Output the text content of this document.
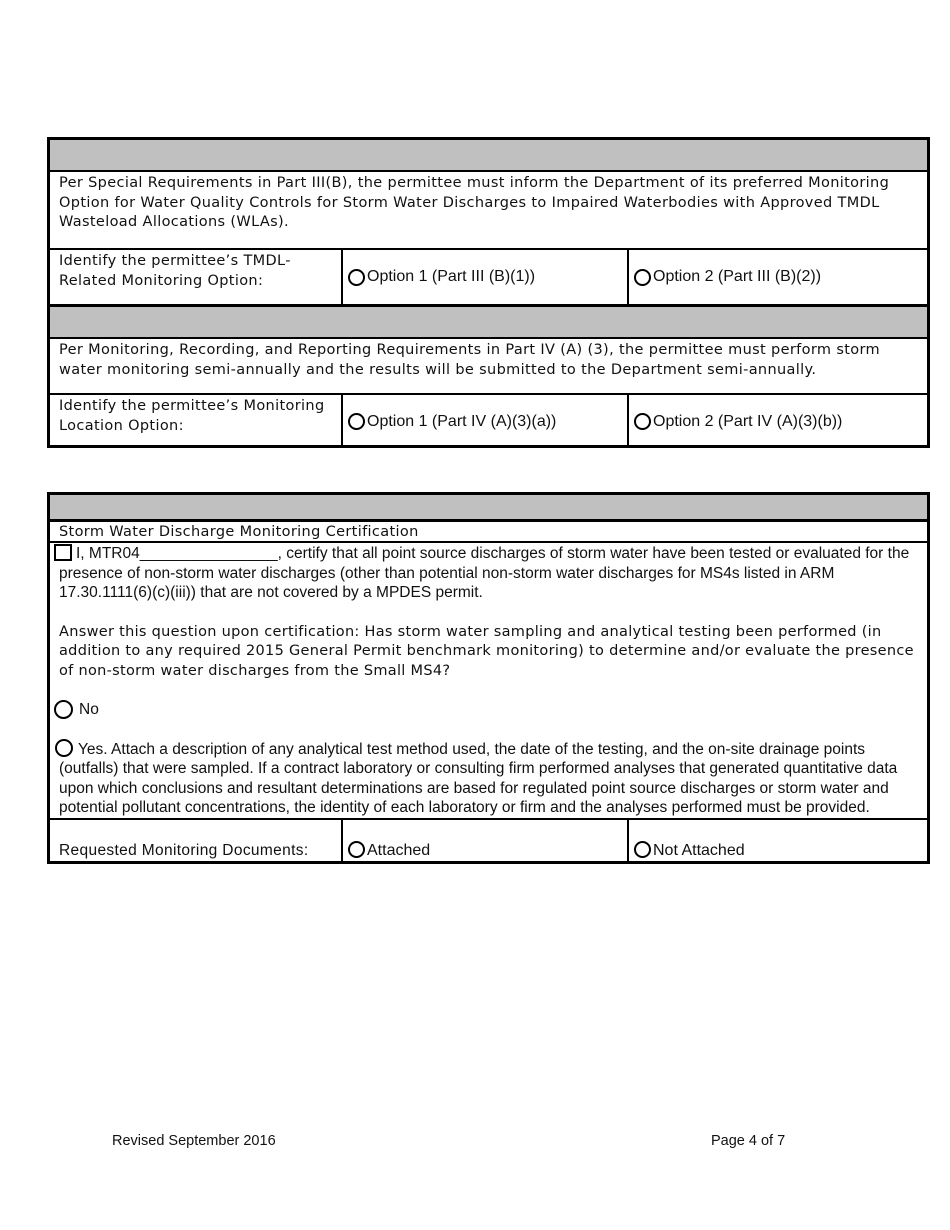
Per Special Requirements in Part III(B), the permittee must inform the Department of its preferred Monitoring Option for Water Quality Controls for Storm Water Discharges to Impaired Waterbodies with Approved TMDL Wasteload Allocations (WLAs).
Identify the permittee’s TMDL-Related Monitoring Option:	Option 1 (Part III (B)(1))	Option 2 (Part III (B)(2))
Per Monitoring, Recording, and Reporting Requirements in Part IV (A) (3), the permittee must perform storm water monitoring semi-annually and the results will be submitted to the Department semi-annually.
Identify the permittee’s Monitoring Location Option:	Option 1 (Part IV (A)(3)(a))	Option 2 (Part IV (A)(3)(b))
Storm Water Discharge Monitoring Certification
I, MTR04________________, certify that all point source discharges of storm water have been tested or evaluated for the presence of non-storm water discharges (other than potential non-storm water discharges for MS4s listed in ARM 17.30.1111(6)(c)(iii)) that are not covered by a MPDES permit.
Answer this question upon certification: Has storm water sampling and analytical testing been performed (in addition to any required 2015 General Permit benchmark monitoring) to determine and/or evaluate the presence of non-storm water discharges from the Small MS4?
No
Yes. Attach a description of any analytical test method used, the date of the testing, and the on-site drainage points (outfalls) that were sampled. If a contract laboratory or consulting firm performed analyses that generated quantitative data upon which conclusions and resultant determinations are based for regulated point source discharges or storm water and potential pollutant concentrations, the identity of each laboratory or firm and the analyses performed must be provided.
Requested Monitoring Documents:	Attached	Not Attached
Revised September 2016	Page 4 of 7
